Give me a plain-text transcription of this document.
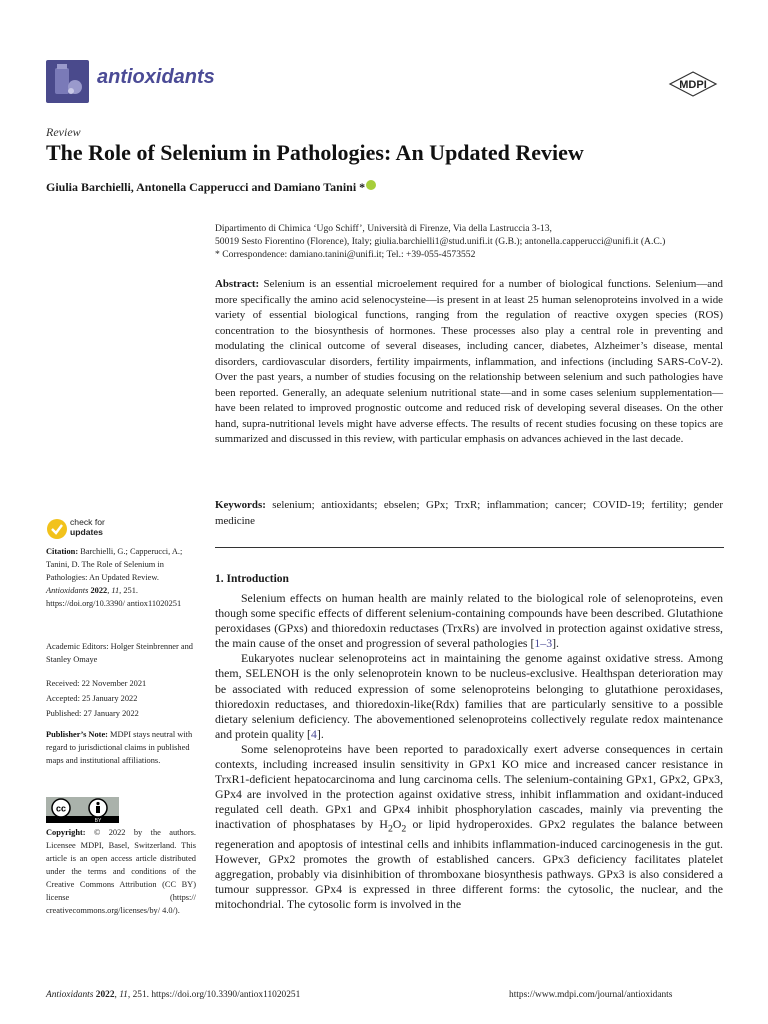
antioxidants	MDPI
Review
The Role of Selenium in Pathologies: An Updated Review
Giulia Barchielli, Antonella Capperucci and Damiano Tanini *
Dipartimento di Chimica ‘Ugo Schiff’, Università di Firenze, Via della Lastruccia 3-13,
50019 Sesto Fiorentino (Florence), Italy; giulia.barchielli1@stud.unifi.it (G.B.); antonella.capperucci@unifi.it (A.C.)
* Correspondence: damiano.tanini@unifi.it; Tel.: +39-055-4573552
Abstract: Selenium is an essential microelement required for a number of biological functions. Selenium—and more specifically the amino acid selenocysteine—is present in at least 25 human selenoproteins involved in a wide variety of essential biological functions, ranging from the regulation of reactive oxygen species (ROS) concentration to the biosynthesis of hormones. These processes also play a central role in preventing and modulating the clinical outcome of several diseases, including cancer, diabetes, Alzheimer’s disease, mental disorders, cardiovascular disorders, fertility impairments, inflammation, and infections (including SARS-CoV-2). Over the past years, a number of studies focusing on the relationship between selenium and such pathologies have been reported. Generally, an adequate selenium nutritional state—and in some cases selenium supplementation—have been related to improved prognostic outcome and reduced risk of developing several diseases. On the other hand, supra-nutritional levels might have adverse effects. The results of recent studies focusing on these topics are summarized and discussed in this review, with particular emphasis on advances achieved in the last decade.
Keywords: selenium; antioxidants; ebselen; GPx; TrxR; inflammation; cancer; COVID-19; fertility; gender medicine
1. Introduction

Selenium effects on human health are mainly related to the biological role of selenoproteins, even though some specific effects of different selenium-containing compounds have been described. Glutathione peroxidases (GPxs) and thioredoxin reductases (TrxRs) are involved in protection against oxidative stress, the main cause of the onset and progression of several pathologies [1–3].

Eukaryotes nuclear selenoproteins act in maintaining the genome against oxidative stress. Among them, SELENOH is the only selenoprotein known to be nucleus-exclusive. Healthspan deterioration may be associated with reduced expression of some selenoproteins belonging to glutathione peroxidases, thioredoxin reductases, and thioredoxin-like(Rdx) families that are particularly sensitive to a possible dietary selenium deficiency. The abovementioned selenoproteins collectively regulate redox maintenance and protein quality [4].

Some selenoproteins have been reported to paradoxically exert adverse consequences in certain contexts, including increased insulin sensitivity in GPx1 KO mice and increased cancer resistance in TrxR1-deficient hepatocarcinoma and lung carcinoma cells. The selenium-containing GPx1, GPx2, GPx3, GPx4 are involved in the protection against oxidative stress, inhibit inflammation and oxidant-induced regulated cell death. GPx1 and GPx4 inhibit phosphorylation cascades, mainly via preventing the inactivation of phosphatases by $H_2O_2$ or lipid hydroperoxides. GPx2 regulates the balance between regeneration and apoptosis of intestinal cells and inhibits inflammation-induced carcinogenesis in the gut. However, GPx2 promotes the growth of established cancers. GPx3 deficiency facilitates platelet aggregation, probably via disinhibition of thromboxane biosynthesis pathways. GPx3 is also considered a tumour suppressor. GPx4 is expressed in three different forms: the cytosolic, the nuclear, and the mitochondrial. The cytosolic form is involved in the

check for
updates
Citation: Barchielli, G.; Capperucci, A.; Tanini, D. The Role of Selenium in Pathologies: An Updated Review. Antioxidants 2022, 11, 251. https://doi.org/10.3390/ antiox11020251
Academic Editors: Holger Steinbrenner and Stanley Omaye
Received: 22 November 2021
Accepted: 25 January 2022
Published: 27 January 2022
Publisher’s Note: MDPI stays neutral with regard to jurisdictional claims in published maps and institutional affiliations.
cc
BY
Copyright: © 2022 by the authors. Licensee MDPI, Basel, Switzerland. This article is an open access article distributed under the terms and conditions of the Creative Commons Attribution (CC BY) license (https:// creativecommons.org/licenses/by/ 4.0/).
Antioxidants 2022, 11, 251. https://doi.org/10.3390/antiox11020251	https://www.mdpi.com/journal/antioxidants
